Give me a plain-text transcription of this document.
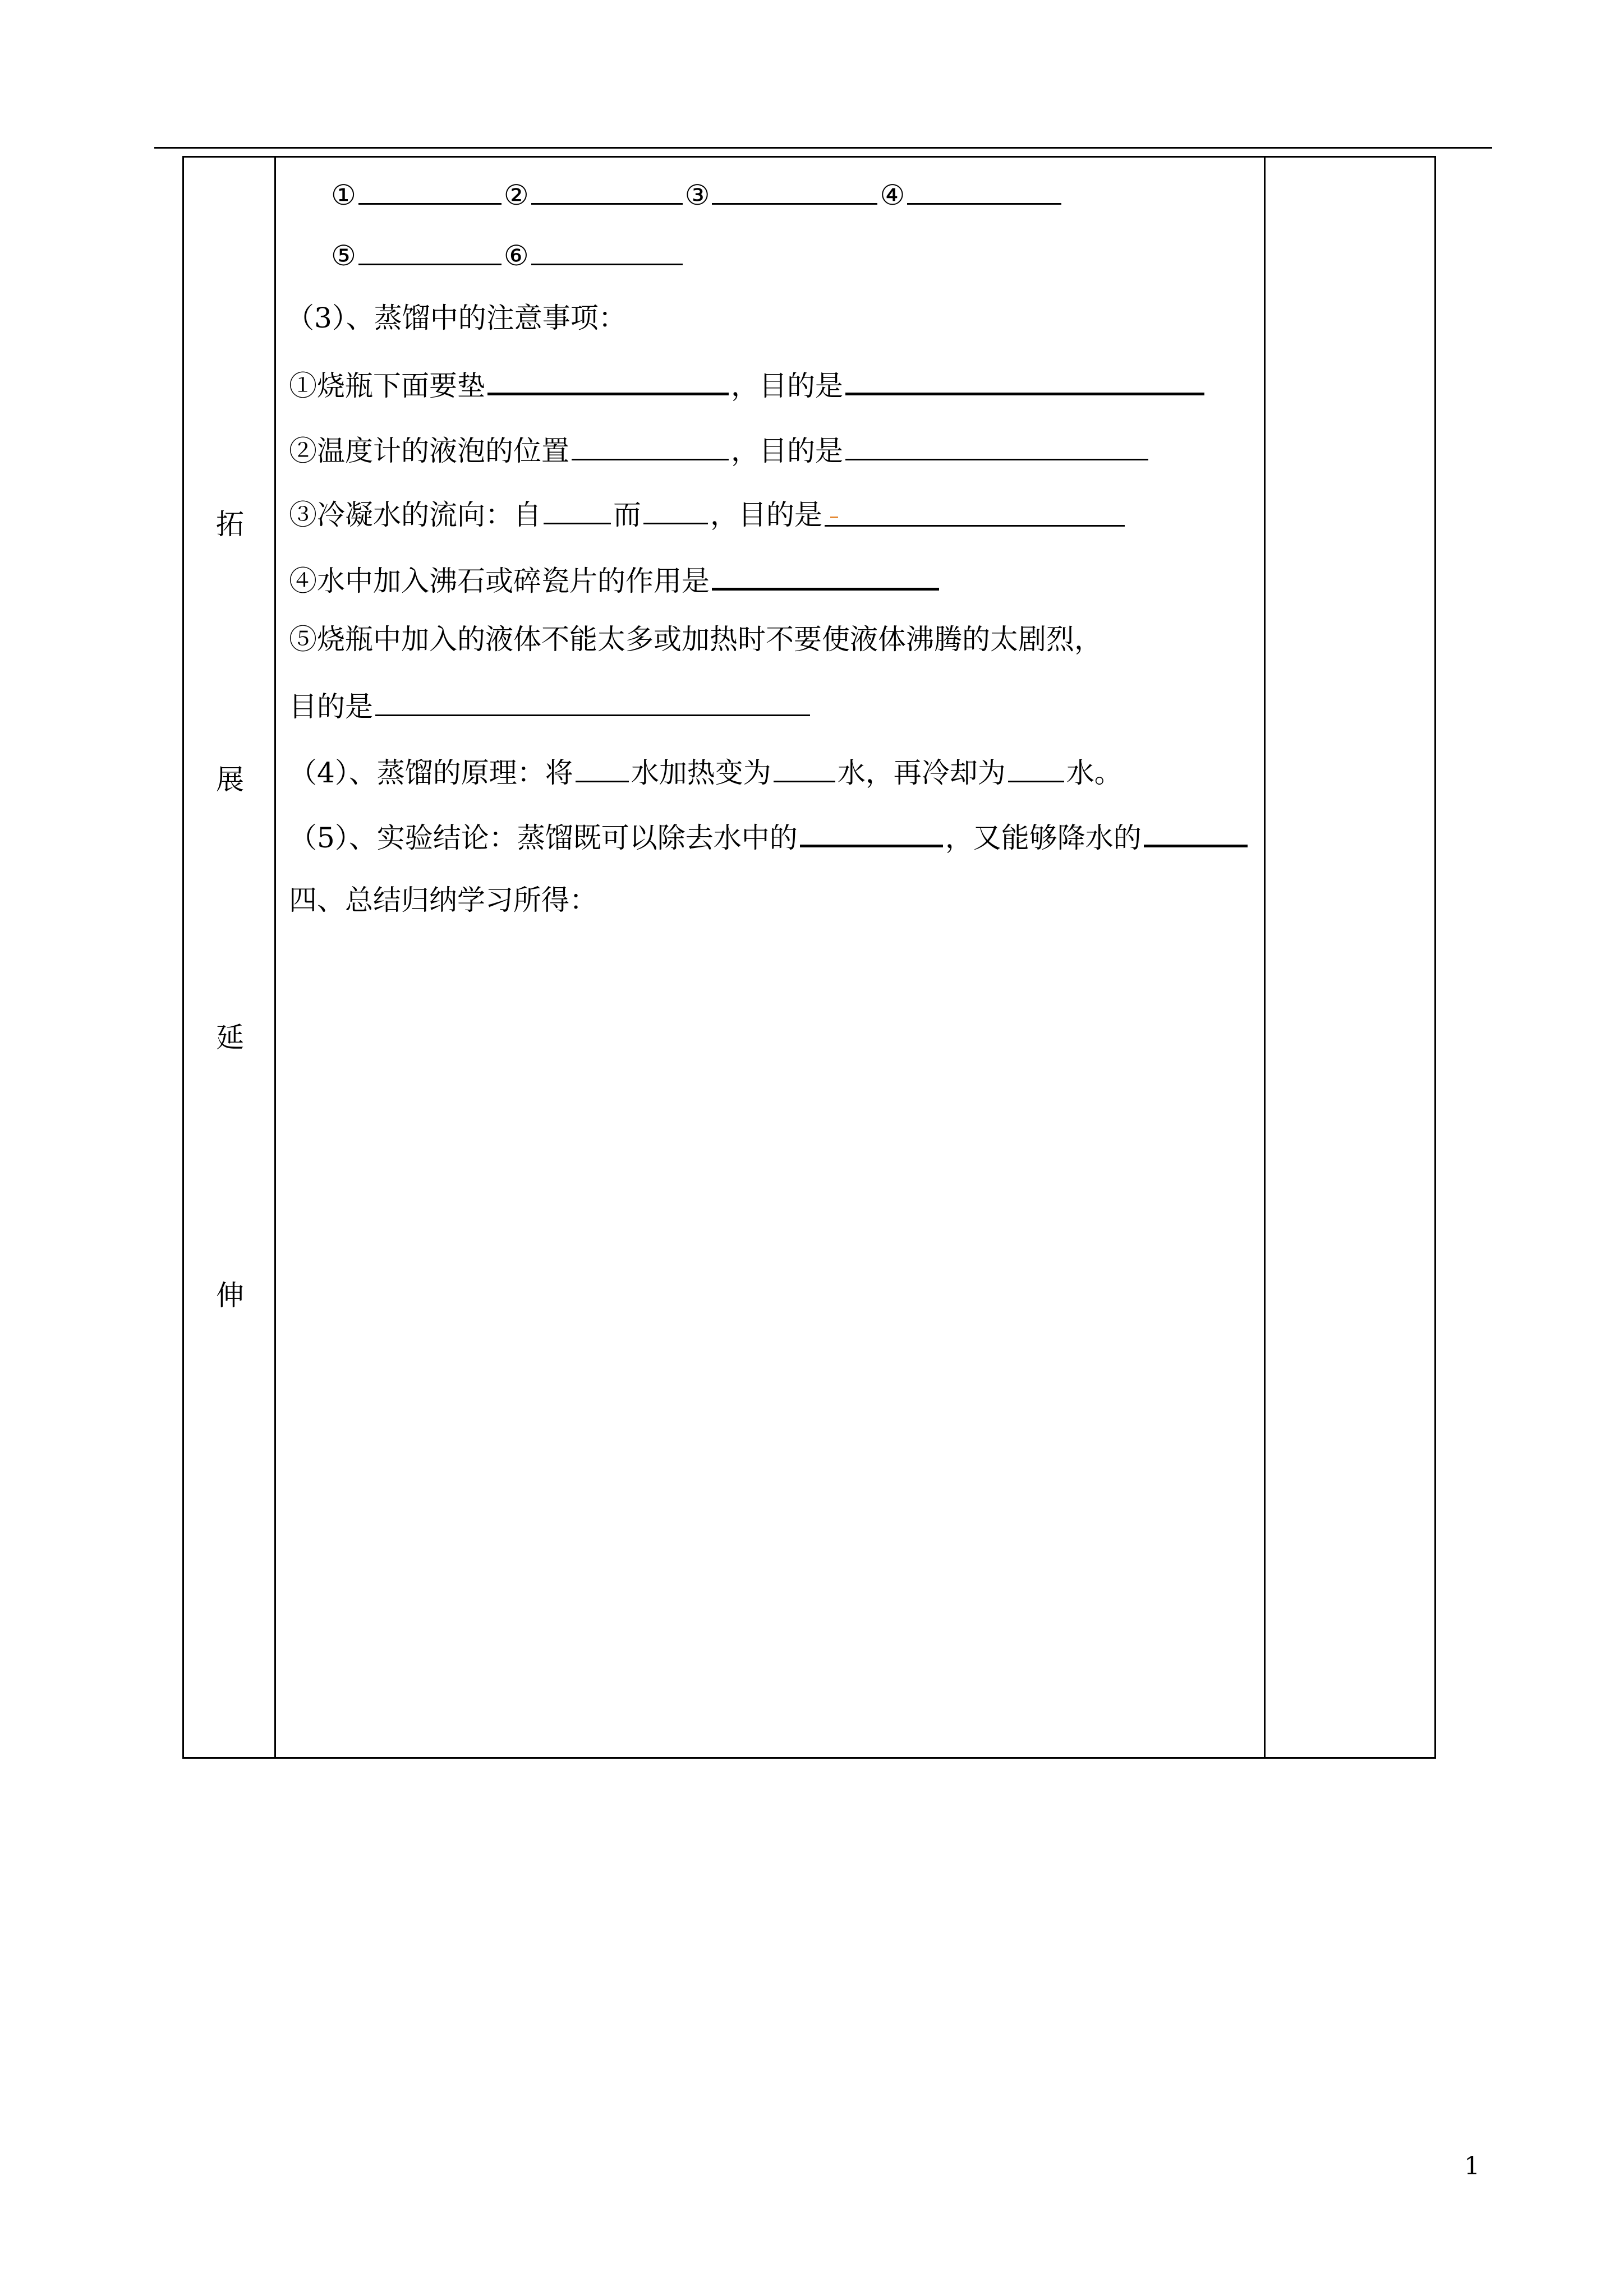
拓
展
延
伸
①	②	③	④
⑤	⑥
（3）、蒸馏中的注意事项：
①烧瓶下面要垫	，目的是
②温度计的液泡的位置	，目的是
③冷凝水的流向：自	而 ，目的是
④水中加入沸石或碎瓷片的作用是
⑤烧瓶中加入的液体不能太多或加热时不要使液体沸腾的太剧烈，
目的是
（4）、蒸馏的原理：将 水加热变为 水，再冷却为 水。
（5）、实验结论：蒸馏既可以除去水中的	，又能够降水的
四、总结归纳学习所得：
1
